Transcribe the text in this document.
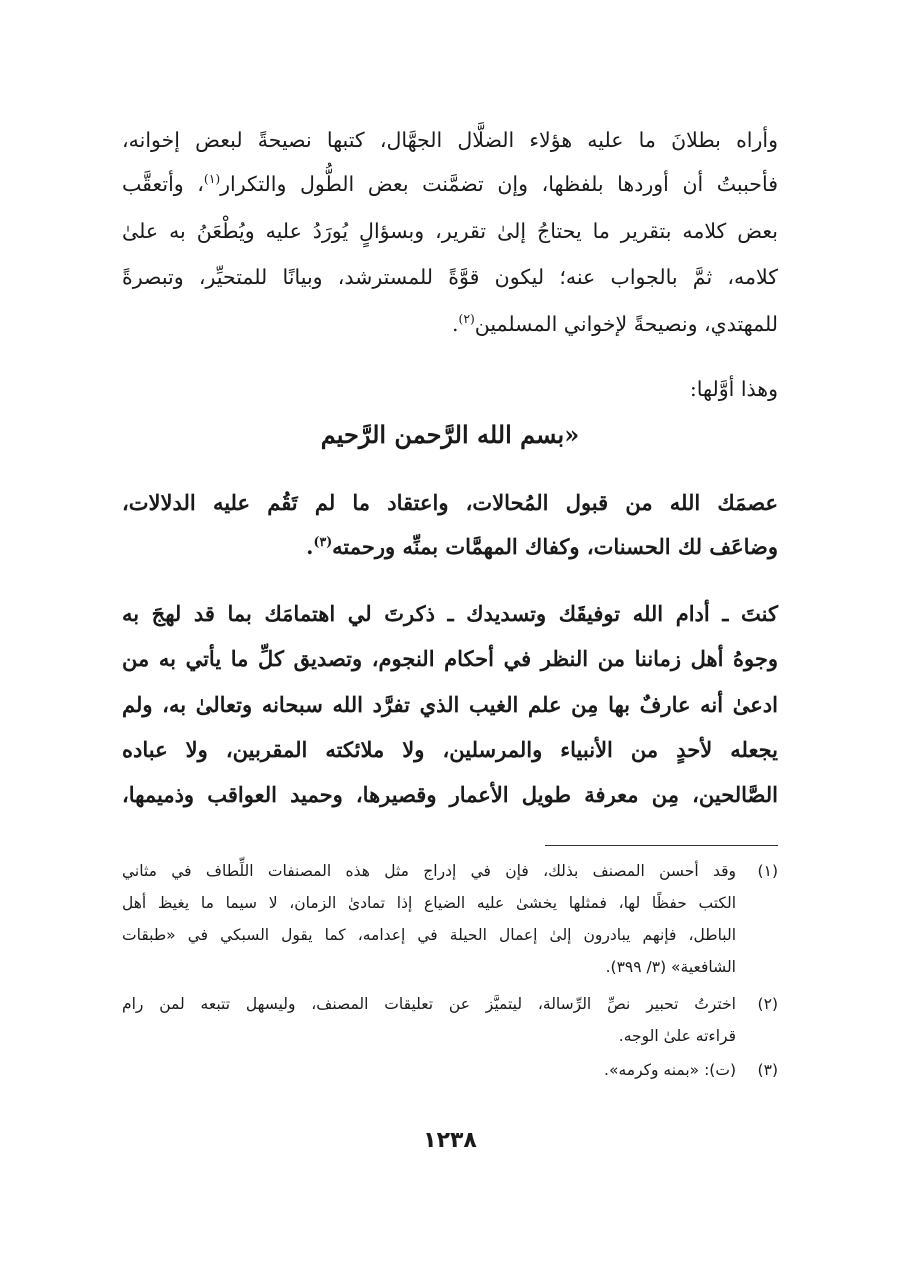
وأراه بطلانَ ما عليه هؤلاء الضلَّال الجهَّال، كتبها نصيحةً لبعض إخوانه،
فأحببتُ أن أوردها بلفظها، وإن تضمَّنت بعض الطُّول والتكرار$^{(١)}$، وأتعقَّب
بعض كلامه بتقرير ما يحتاجُ إلىٰ تقرير، وبسؤالٍ يُورَدُ عليه ويُطْعَنُ به علىٰ
كلامه، ثمَّ بالجواب عنه؛ ليكون قوَّةً للمسترشد، وبيانًا للمتحيِّر، وتبصرةً
للمهتدي، ونصيحةً لإخواني المسلمين$^{(٢)}$.
وهذا أوَّلها:
«بسم الله الرَّحمن الرَّحيم
عصمَك الله من قبول المُحالات، واعتقاد ما لم تَقُم عليه الدلالات،
وضاعَف لك الحسنات، وكفاك المهمَّات بمنِّه ورحمته$^{(٣)}$.
كنتَ ـ أدام الله توفيقَك وتسديدك ـ ذكرتَ لي اهتمامَك بما قد لهجَ به
وجوهُ أهل زماننا من النظر في أحكام النجوم، وتصديق كلِّ ما يأتي به من
ادعىٰ أنه عارفٌ بها مِن علم الغيب الذي تفرَّد الله سبحانه وتعالىٰ به، ولم
يجعله لأحدٍ من الأنبياء والمرسلين، ولا ملائكته المقربين، ولا عباده
الصَّالحين، مِن معرفة طويل الأعمار وقصيرها، وحميد العواقب وذميمها،
(١)
وقد أحسن المصنف بذلك، فإن في إدراج مثل هذه المصنفات اللِّطاف في مثاني
الكتب حفظًا لها، فمثلها يخشىٰ عليه الضياع إذا تمادىٰ الزمان، لا سيما ما يغيظ أهل
الباطل، فإنهم يبادرون إلىٰ إعمال الحيلة في إعدامه، كما يقول السبكي في «طبقات
الشافعية» (٣/ ٣٩٩).
(٢)
اخترتُ تحبير نصِّ الرِّسالة، ليتميَّز عن تعليقات المصنف، وليسهل تتبعه لمن رام
قراءته علىٰ الوجه.
(٣)
(ت): «بمنه وكرمه».
١٢٣٨
